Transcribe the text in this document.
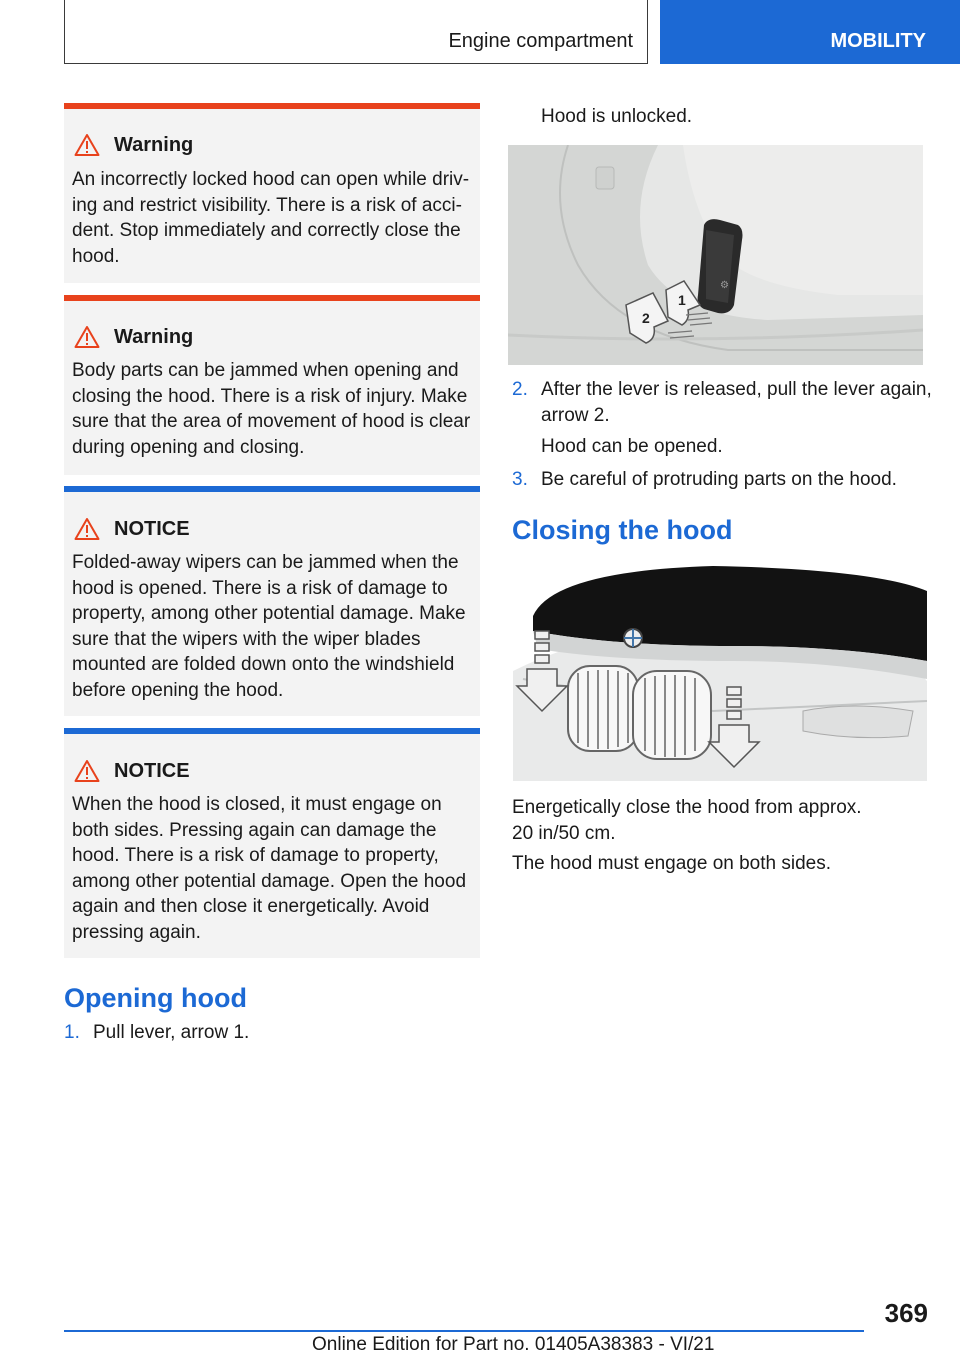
Engine compartment	MOBILITY
Warning
An incorrectly locked hood can open while driv-
ing and restrict visibility. There is a risk of acci-
dent. Stop immediately and correctly close the
hood.
Warning
Body parts can be jammed when opening and
closing the hood. There is a risk of injury. Make
sure that the area of movement of hood is clear
during opening and closing.
NOTICE
Folded-away wipers can be jammed when the
hood is opened. There is a risk of damage to
property, among other potential damage. Make
sure that the wipers with the wiper blades
mounted are folded down onto the windshield
before opening the hood.
NOTICE
When the hood is closed, it must engage on
both sides. Pressing again can damage the
hood. There is a risk of damage to property,
among other potential damage. Open the hood
again and then close it energetically. Avoid
pressing again.
Opening hood
1. Pull lever, arrow 1.
Hood is unlocked.
⚙
1
2
2. After the lever is released, pull the lever again,
arrow 2.
Hood can be opened.
3. Be careful of protruding parts on the hood.
Closing the hood
Energetically close the hood from approx.
20 in/50 cm.
The hood must engage on both sides.
369
Online Edition for Part no. 01405A38383 - VI/21
